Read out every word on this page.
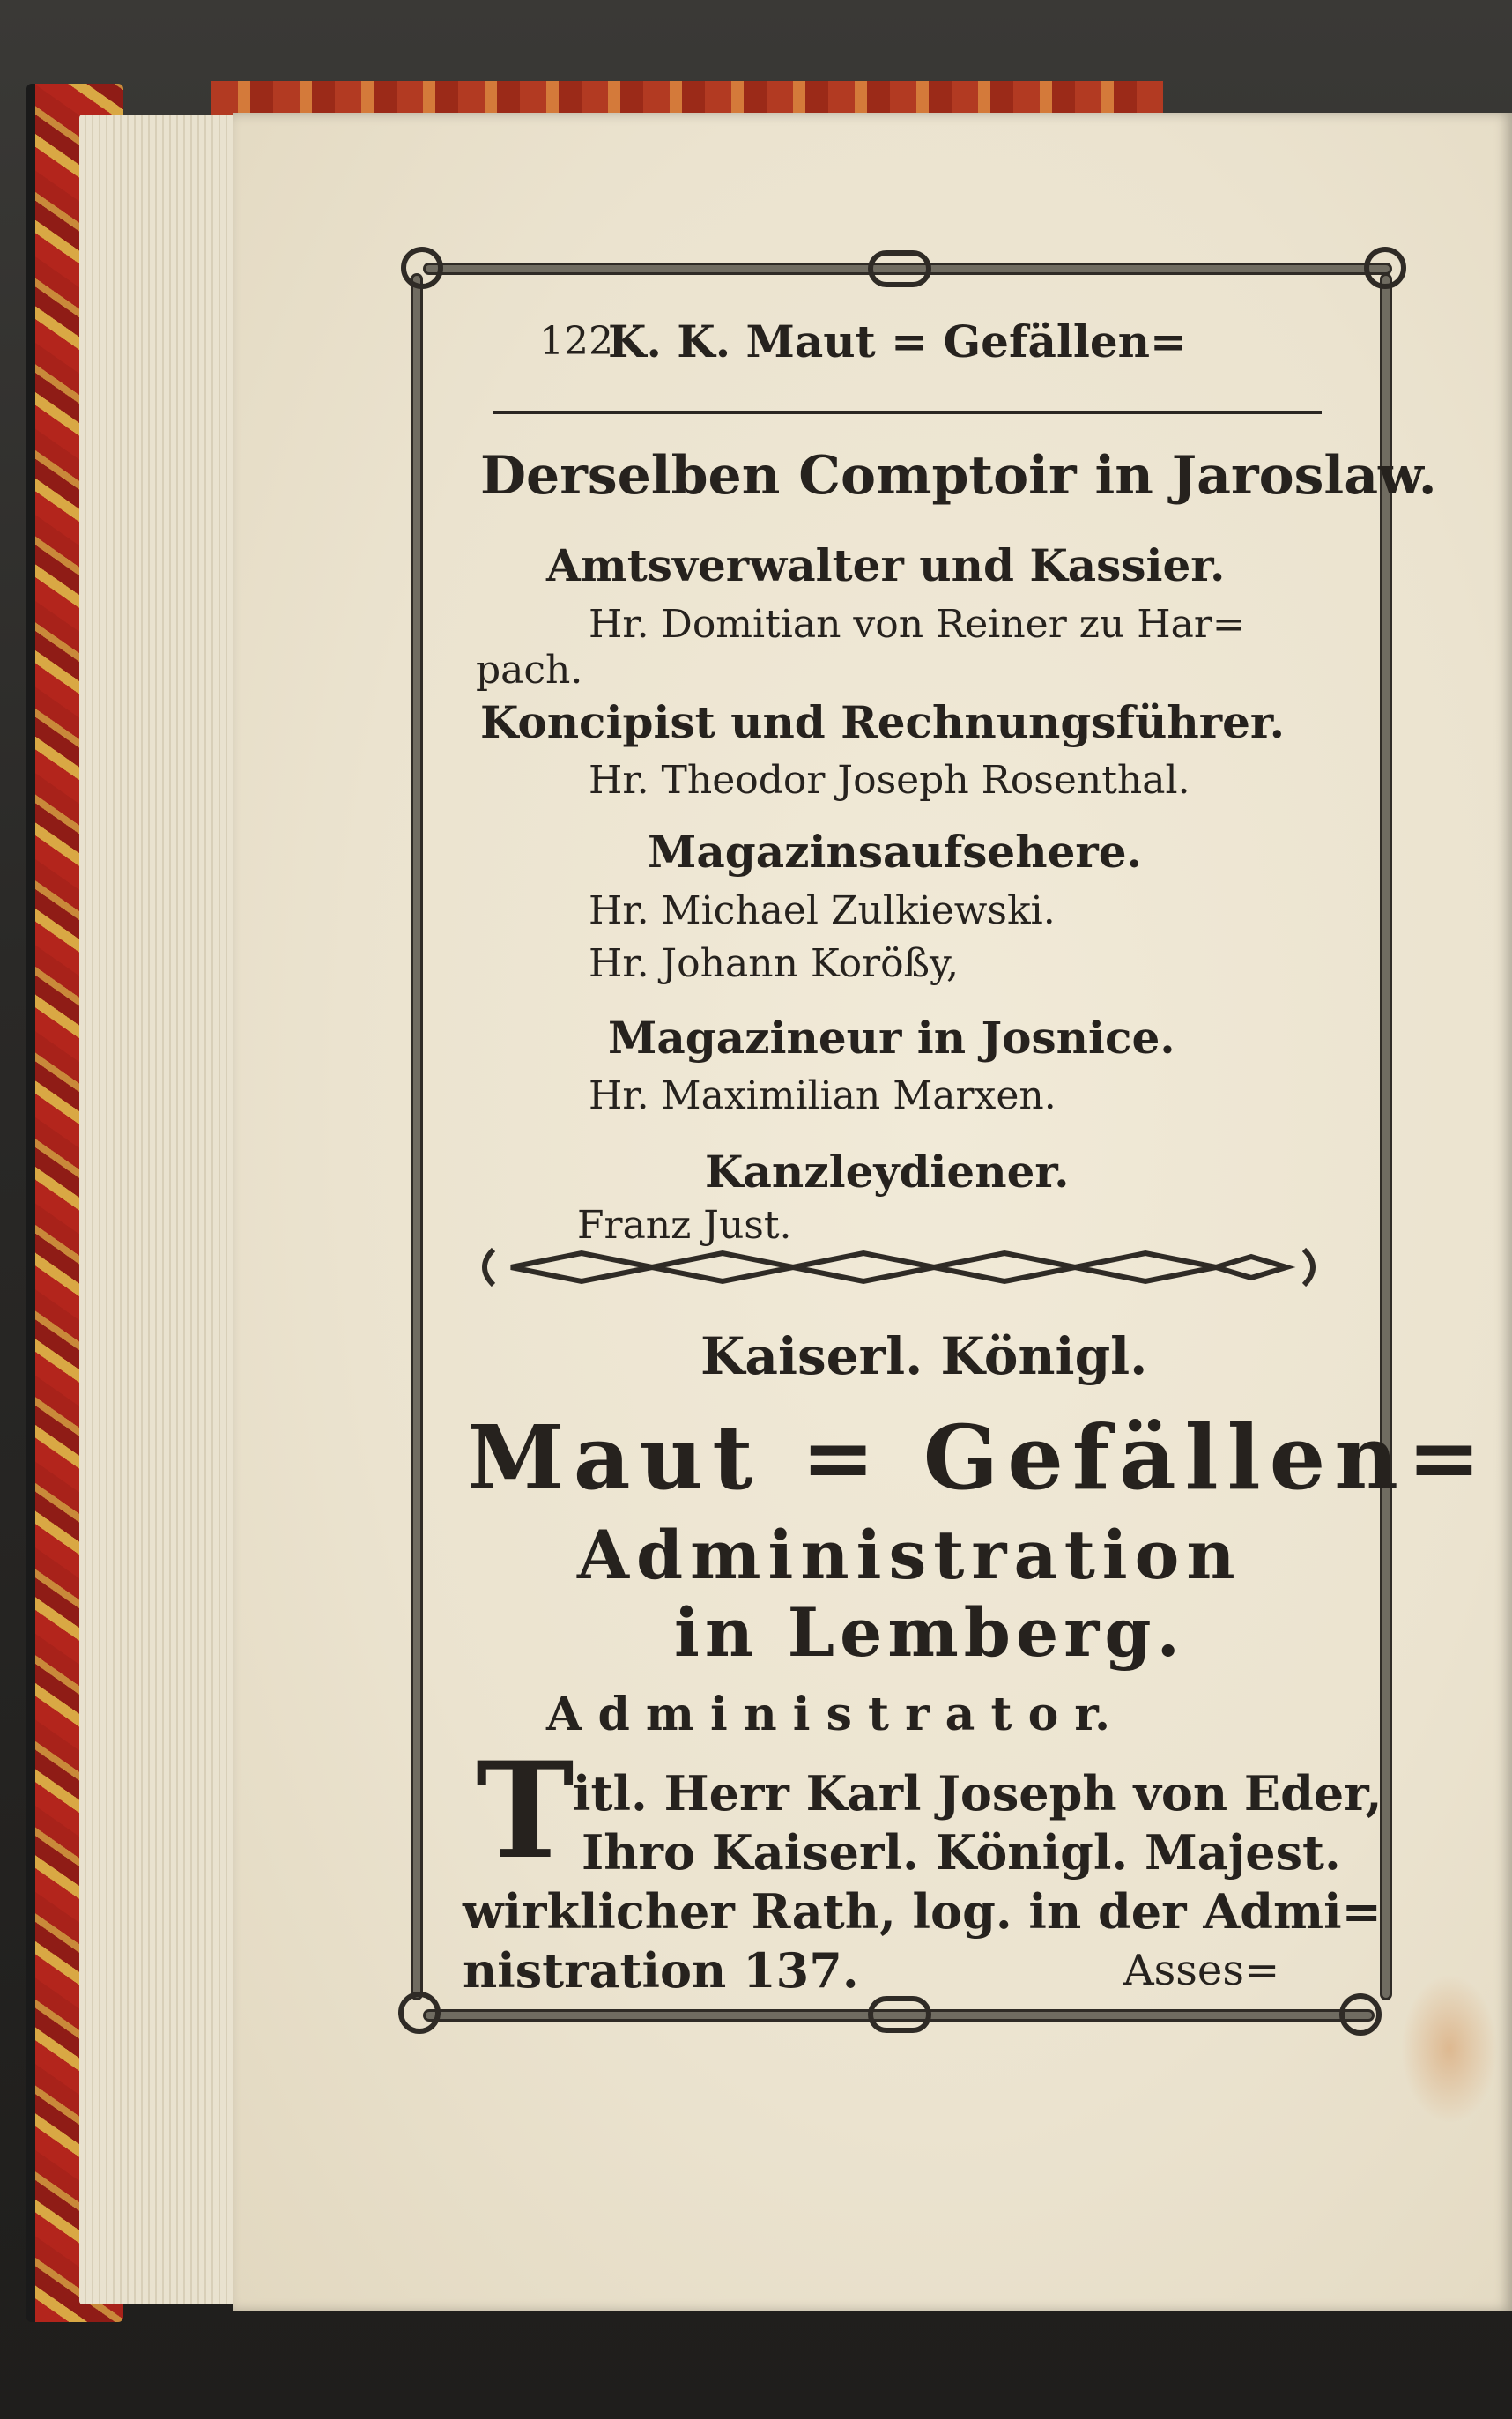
122
K. K. Maut = Gefällen=
Derselben Comptoir in Jaroslaw.
Amtsverwalter und Kassier.
Hr. Domitian von Reiner zu Har=
pach.
Koncipist und Rechnungsführer.
Hr. Theodor Joseph Rosenthal.
Magazinsaufsehere.
Hr. Michael Zulkiewski.
Hr. Johann Korößy,
Magazineur in Josnice.
Hr. Maximilian Marxen.
Kanzleydiener.
Franz Just.
Kaiserl. Königl.
Maut = Gefällen=
Administration
in Lemberg.
A d m i n i s t r a t o r.
T
itl. Herr Karl Joseph von Eder,
Ihro Kaiserl. Königl. Majest.
wirklicher Rath, log. in der Admi=
nistration 137.	Asses=
